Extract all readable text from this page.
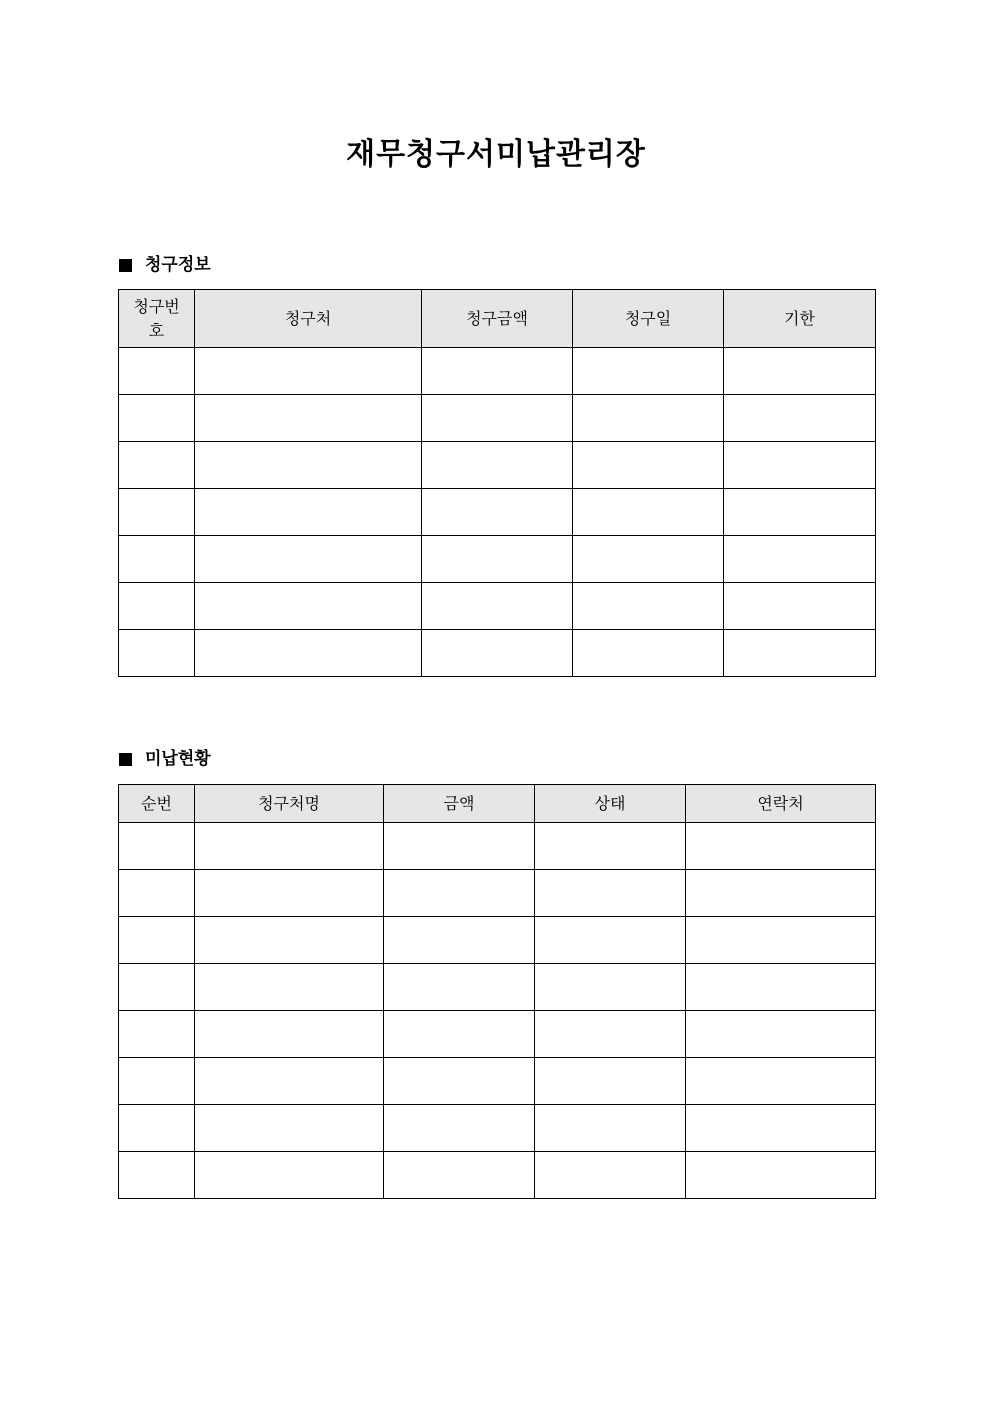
재무청구서미납관리장
청구정보
청구번호	청구처	청구금액	청구일	기한

미납현황
순번	청구처명	금액	상태	연락처
